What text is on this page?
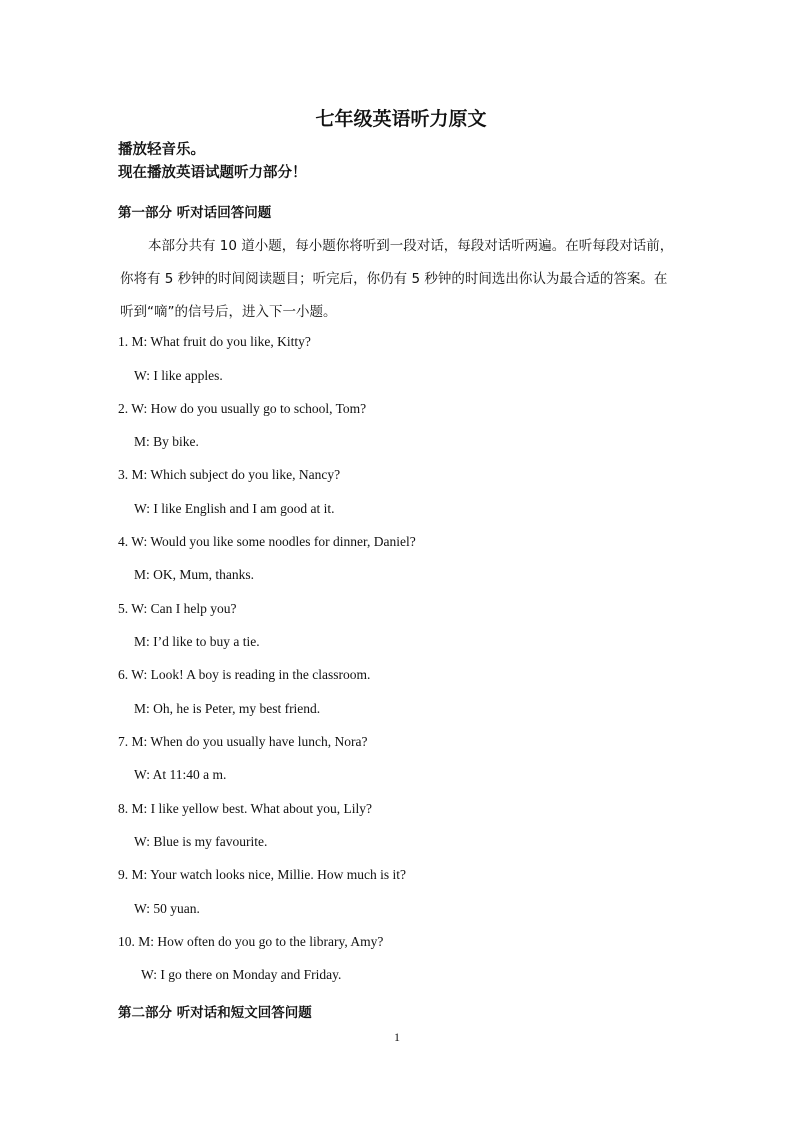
七年级英语听力原文
播放轻音乐。
现在播放英语试题听力部分！
第一部分 听对话回答问题
本部分共有 10 道小题，每小题你将听到一段对话，每段对话听两遍。在听每段对话前，
你将有 5 秒钟的时间阅读题目；听完后，你仍有 5 秒钟的时间选出你认为最合适的答案。在
听到“嘀”的信号后，进入下一小题。
1. M: What fruit do you like, Kitty?
W: I like apples.
2. W: How do you usually go to school, Tom?
M: By bike.
3. M: Which subject do you like, Nancy?
W: I like English and I am good at it.
4. W: Would you like some noodles for dinner, Daniel?
M: OK, Mum, thanks.
5. W: Can I help you?
M: I’d like to buy a tie.
6. W: Look! A boy is reading in the classroom.
M: Oh, he is Peter, my best friend.
7. M: When do you usually have lunch, Nora?
W: At 11:40 a m.
8. M: I like yellow best. What about you, Lily?
W: Blue is my favourite.
9. M: Your watch looks nice, Millie. How much is it?
W: 50 yuan.
10. M: How often do you go to the library, Amy?
W: I go there on Monday and Friday.
第二部分 听对话和短文回答问题
1
